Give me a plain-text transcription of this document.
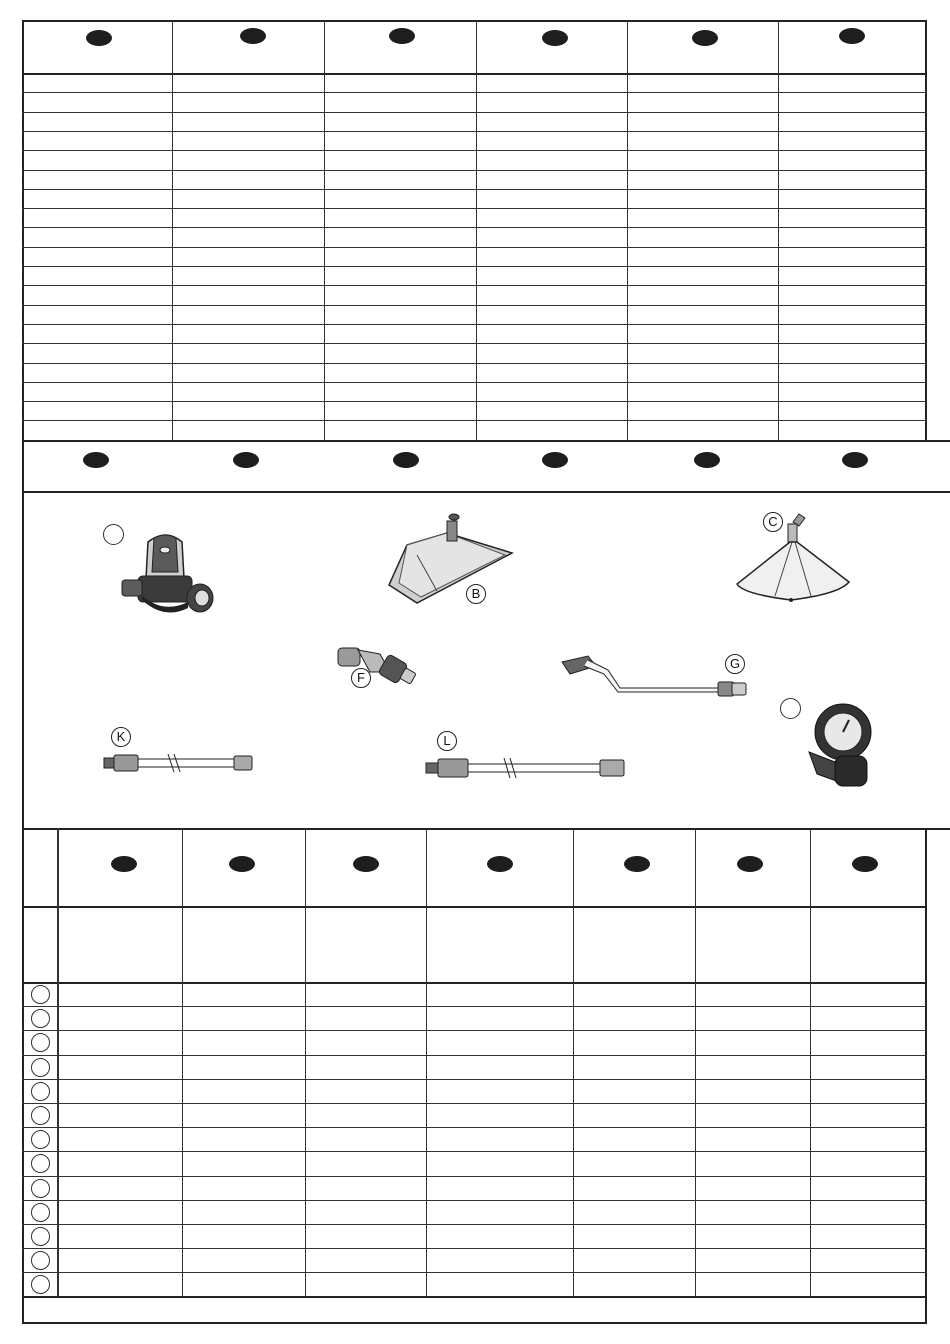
B
C
F
G
K	L
